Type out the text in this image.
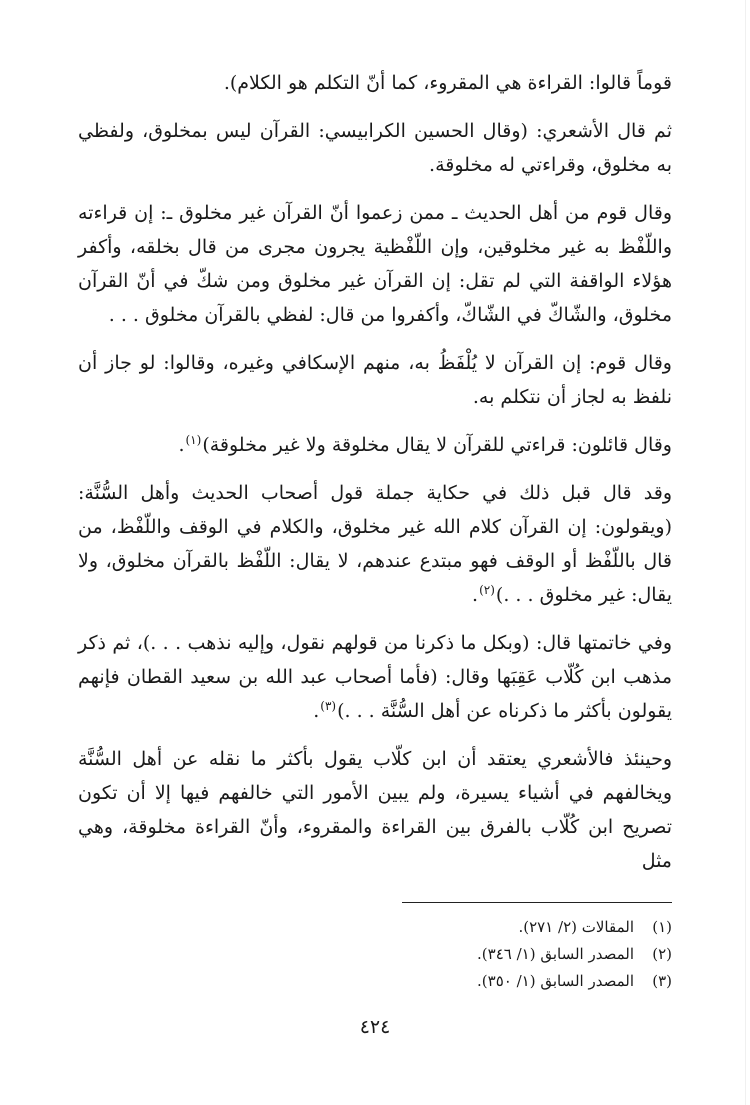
قوماً قالوا: القراءة هي المقروء، كما أنّ التكلم هو الكلام).

ثم قال الأشعري: (وقال الحسين الكرابيسي: القرآن ليس بمخلوق، ولفظي به مخلوق، وقراءتي له مخلوقة.

وقال قوم من أهل الحديث ـ ممن زعموا أنّ القرآن غير مخلوق ـ: إن قراءته واللّفْظ به غير مخلوقين، وإن اللّفْظية يجرون مجرى من قال بخلقه، وأكفر هؤلاء الواقفة التي لم تقل: إن القرآن غير مخلوق ومن شكّ في أنّ القرآن مخلوق، والشّاكّ في الشّاكّ، وأكفروا من قال: لفظي بالقرآن مخلوق . . .

وقال قوم: إن القرآن لا يُلْفَظُ به، منهم الإسكافي وغيره، وقالوا: لو جاز أن نلفظ به لجاز أن نتكلم به.

وقال قائلون: قراءتي للقرآن لا يقال مخلوقة ولا غير مخلوقة)$^{(١)}$.

وقد قال قبل ذلك في حكاية جملة قول أصحاب الحديث وأهل السُّنَّة: (ويقولون: إن القرآن كلام الله غير مخلوق، والكلام في الوقف واللّفْظ، من قال باللّفْظ أو الوقف فهو مبتدع عندهم، لا يقال: اللّفْظ بالقرآن مخلوق، ولا يقال: غير مخلوق . . .)$^{(٢)}$.

وفي خاتمتها قال: (وبكل ما ذكرنا من قولهم نقول، وإليه نذهب . . .)، ثم ذكر مذهب ابن كُلّاب عَقِبَها وقال: (فأما أصحاب عبد الله بن سعيد القطان فإنهم يقولون بأكثر ما ذكرناه عن أهل السُّنَّة . . .)$^{(٣)}$.

وحينئذ فالأشعري يعتقد أن ابن كلّاب يقول بأكثر ما نقله عن أهل السُّنَّة ويخالفهم في أشياء يسيرة، ولم يبين الأمور التي خالفهم فيها إلا أن تكون تصريح ابن كُلّاب بالفرق بين القراءة والمقروء، وأنّ القراءة مخلوقة، وهي مثل

(١)
المقالات (٢/ ٢٧١).
(٢)
المصدر السابق (١/ ٣٤٦).
(٣)
المصدر السابق (١/ ٣٥٠).
٤٢٤
